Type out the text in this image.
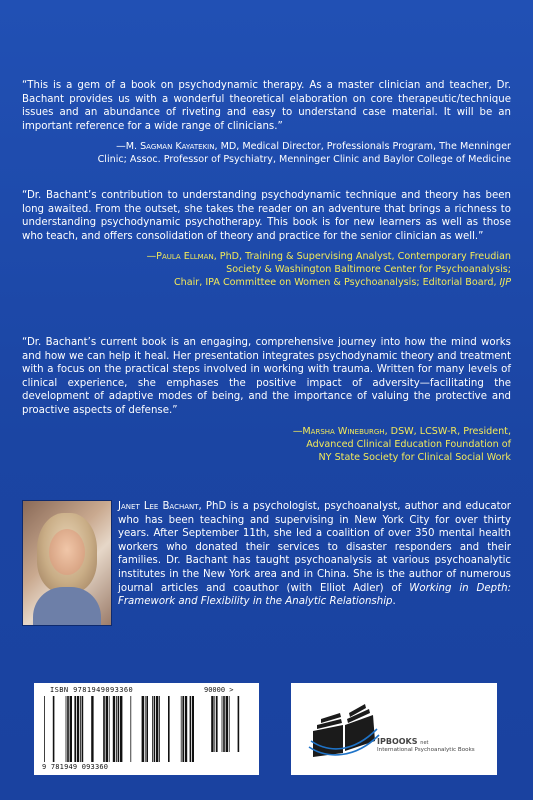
“This is a gem of a book on psychodynamic therapy. As a master clinician and teacher, Dr. Bachant provides us with a wonderful theoretical elaboration on core therapeutic/technique issues and an abundance of riveting and easy to understand case material. It will be an important reference for a wide range of clinicians.”

—M. Sagman Kayatekin, MD, Medical Director, Professionals Program, The Menninger
Clinic; Assoc. Professor of Psychiatry, Menninger Clinic and Baylor College of Medicine

“Dr. Bachant’s contribution to understanding psychodynamic technique and theory has been long awaited. From the outset, she takes the reader on an adventure that brings a richness to understanding psychodynamic psychotherapy. This book is for new learners as well as those who teach, and offers consolidation of theory and practice for the senior clinician as well.”

—Paula Ellman, PhD, Training & Supervising Analyst, Contemporary Freudian
Society & Washington Baltimore Center for Psychoanalysis;
Chair, IPA Committee on Women & Psychoanalysis; Editorial Board, IJP

“Dr. Bachant’s current book is an engaging, comprehensive journey into how the mind works and how we can help it heal. Her presentation integrates psychodynamic theory and treatment with a focus on the practical steps involved in working with trauma. Written for many levels of clinical experience, she emphases the positive impact of adversity—facilitating the development of adaptive modes of being, and the importance of valuing the protective and proactive aspects of defense.”

—Marsha Wineburgh, DSW, LCSW-R, President,
Advanced Clinical Education Foundation of
NY State Society for Clinical Social Work

Janet Lee Bachant, PhD is a psychologist, psychoanalyst, author and educator who has been teaching and supervising in New York City for over thirty years. After September 11th, she led a coalition of over 350 mental health workers who donated their services to disaster responders and their families. Dr. Bachant has taught psychoanalysis at various psychoanalytic institutes in the New York area and in China. She is the author of numerous journal articles and coauthor (with Elliot Adler) of Working in Depth: Framework and Flexibility in the Analytic Relationship.

ISBN 9781949093360	90000 >
9 781949 093360
IPBOOKS net
International Psychoanalytic Books
